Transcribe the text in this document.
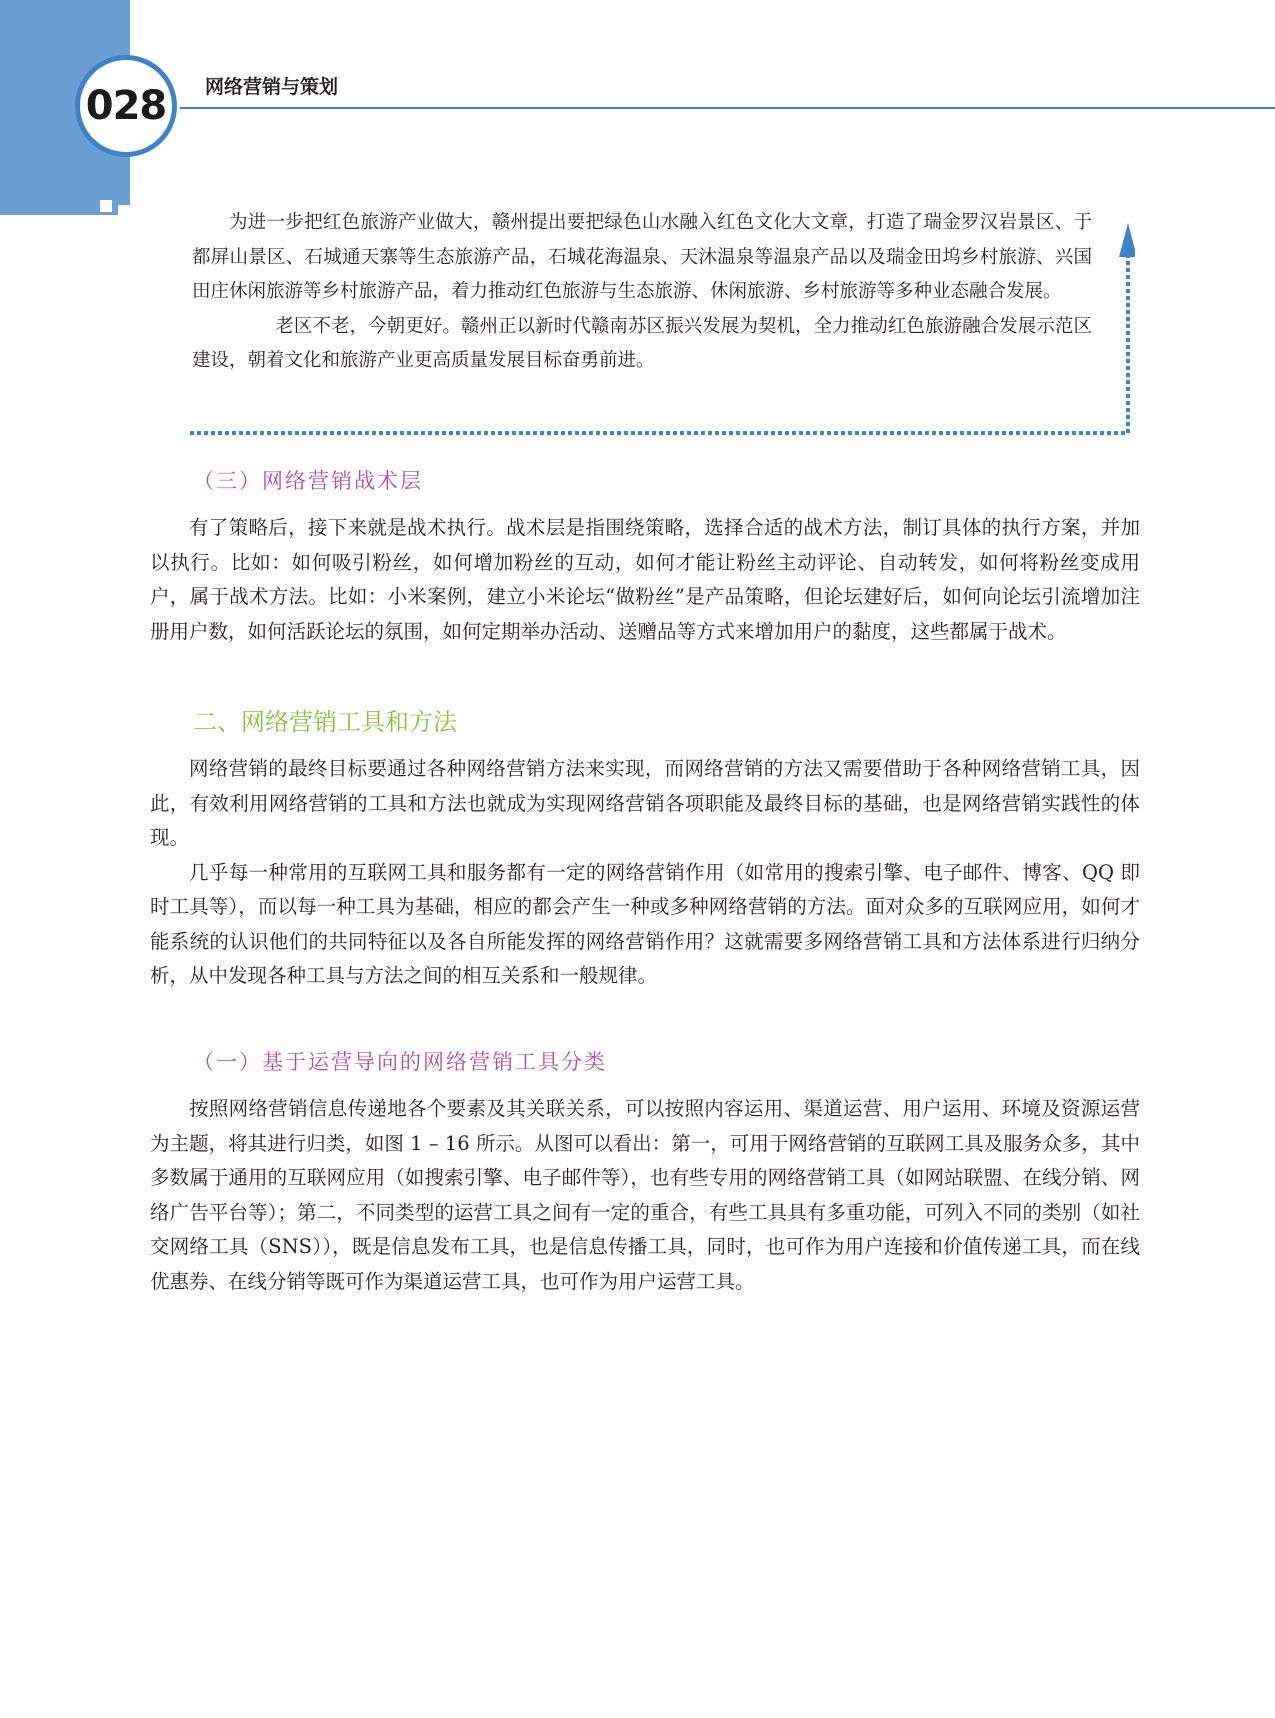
028 网络营销与策划

为进一步把红色旅游产业做大，赣州提出要把绿色山水融入红色文化大文章，打造了瑞金罗汉岩景区、于都屏山景区、石城通天寨等生态旅游产品，石城花海温泉、天沐温泉等温泉产品以及瑞金田坞乡村旅游、兴国田庄休闲旅游等乡村旅游产品，着力推动红色旅游与生态旅游、休闲旅游、乡村旅游等多种业态融合发展。

老区不老，今朝更好。赣州正以新时代赣南苏区振兴发展为契机，全力推动红色旅游融合发展示范区建设，朝着文化和旅游产业更高质量发展目标奋勇前进。

（三）网络营销战术层

有了策略后，接下来就是战术执行。战术层是指围绕策略，选择合适的战术方法，制订具体的执行方案，并加以执行。比如：如何吸引粉丝，如何增加粉丝的互动，如何才能让粉丝主动评论、自动转发，如何将粉丝变成用户，属于战术方法。比如：小米案例，建立小米论坛“做粉丝”是产品策略，但论坛建好后，如何向论坛引流增加注册用户数，如何活跃论坛的氛围，如何定期举办活动、送赠品等方式来增加用户的黏度，这些都属于战术。

二、网络营销工具和方法

网络营销的最终目标要通过各种网络营销方法来实现，而网络营销的方法又需要借助于各种网络营销工具，因此，有效利用网络营销的工具和方法也就成为实现网络营销各项职能及最终目标的基础，也是网络营销实践性的体现。

几乎每一种常用的互联网工具和服务都有一定的网络营销作用（如常用的搜索引擎、电子邮件、博客、QQ 即时工具等），而以每一种工具为基础，相应的都会产生一种或多种网络营销的方法。面对众多的互联网应用，如何才能系统的认识他们的共同特征以及各自所能发挥的网络营销作用？这就需要多网络营销工具和方法体系进行归纳分析，从中发现各种工具与方法之间的相互关系和一般规律。

（一）基于运营导向的网络营销工具分类

按照网络营销信息传递地各个要素及其关联关系，可以按照内容运用、渠道运营、用户运用、环境及资源运营为主题，将其进行归类，如图 1 – 16 所示。从图可以看出：第一，可用于网络营销的互联网工具及服务众多，其中多数属于通用的互联网应用（如搜索引擎、电子邮件等），也有些专用的网络营销工具（如网站联盟、在线分销、网络广告平台等）；第二，不同类型的运营工具之间有一定的重合，有些工具具有多重功能，可列入不同的类别（如社交网络工具（SNS）），既是信息发布工具，也是信息传播工具，同时，也可作为用户连接和价值传递工具，而在线优惠券、在线分销等既可作为渠道运营工具，也可作为用户运营工具。
